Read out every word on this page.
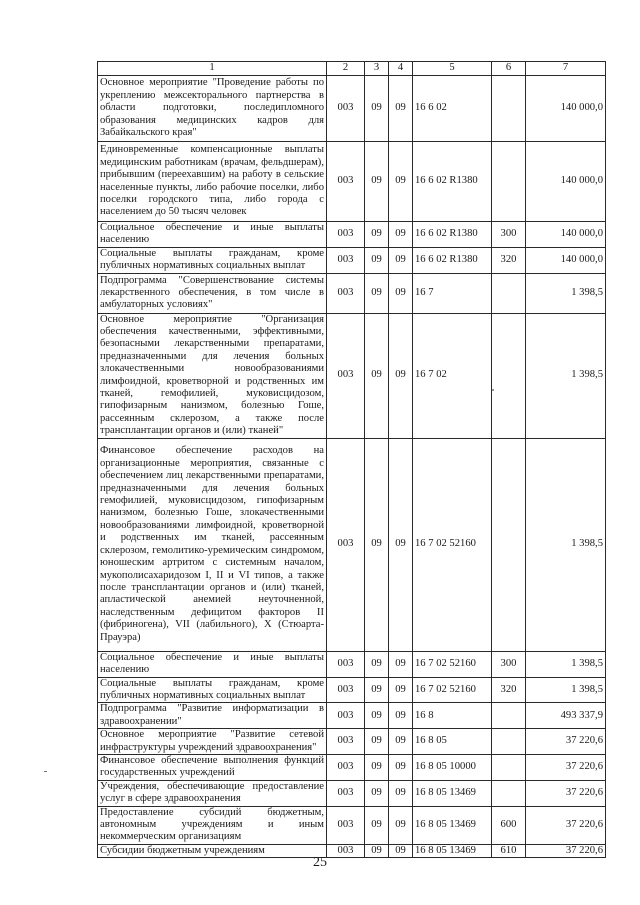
1	2	3	4	5	6	7
Основное мероприятие "Проведение работы по укреплению межсекторального партнерства в области подготовки, последипломного образования медицинских кадров для Забайкальского края"	003	09	09	16 6 02		140 000,0
Единовременные компенсационные выплаты медицинским работникам (врачам, фельдшерам), прибывшим (переехавшим) на работу в сельские населенные пункты, либо рабочие поселки, либо поселки городского типа, либо города с населением до 50 тысяч человек	003	09	09	16 6 02 R1380		140 000,0
Социальное обеспечение и иные выплаты населению	003	09	09	16 6 02 R1380	300	140 000,0
Социальные выплаты гражданам, кроме публичных нормативных социальных выплат	003	09	09	16 6 02 R1380	320	140 000,0
Подпрограмма "Совершенствование системы лекарственного обеспечения, в том числе в амбулаторных условиях"	003	09	09	16 7		1 398,5
Основное мероприятие "Организация обеспечения качественными, эффективными, безопасными лекарственными препаратами, предназначенными для лечения больных злокачественными новообразованиями лимфоидной, кроветворной и родственных им тканей, гемофилией, муковисцидозом, гипофизарным нанизмом, болезнью Гоше, рассеянным склерозом, а также после трансплантации органов и (или) тканей"	003	09	09	16 7 02		1 398,5
Финансовое обеспечение расходов на организационные мероприятия, связанные с обеспечением лиц лекарственными препаратами, предназначенными для лечения больных гемофилией, муковисцидозом, гипофизарным нанизмом, болезнью Гоше, злокачественными новообразованиями лимфоидной, кроветворной и родственных им тканей, рассеянным склерозом, гемолитико-уремическим синдромом, юношеским артритом с системным началом, мукополисахаридозом I, II и VI типов, а также после трансплантации органов и (или) тканей, апластической анемией неуточненной, наследственным дефицитом факторов II (фибриногена), VII (лабильного), X (Стюарта-Прауэра)	003	09	09	16 7 02 52160		1 398,5
Социальное обеспечение и иные выплаты населению	003	09	09	16 7 02 52160	300	1 398,5
Социальные выплаты гражданам, кроме публичных нормативных социальных выплат	003	09	09	16 7 02 52160	320	1 398,5
Подпрограмма "Развитие информатизации в здравоохранении"	003	09	09	16 8		493 337,9
Основное мероприятие "Развитие сетевой инфраструктуры учреждений здравоохранения"	003	09	09	16 8 05		37 220,6
Финансовое обеспечение выполнения функций государственных учреждений	003	09	09	16 8 05 10000		37 220,6
Учреждения, обеспечивающие предоставление услуг в сфере здравоохранения	003	09	09	16 8 05 13469		37 220,6
Предоставление субсидий бюджетным, автономным учреждениям и иным некоммерческим организациям	003	09	09	16 8 05 13469	600	37 220,6
Субсидии бюджетным учреждениям	003	09	09	16 8 05 13469	610	37 220,6
25
